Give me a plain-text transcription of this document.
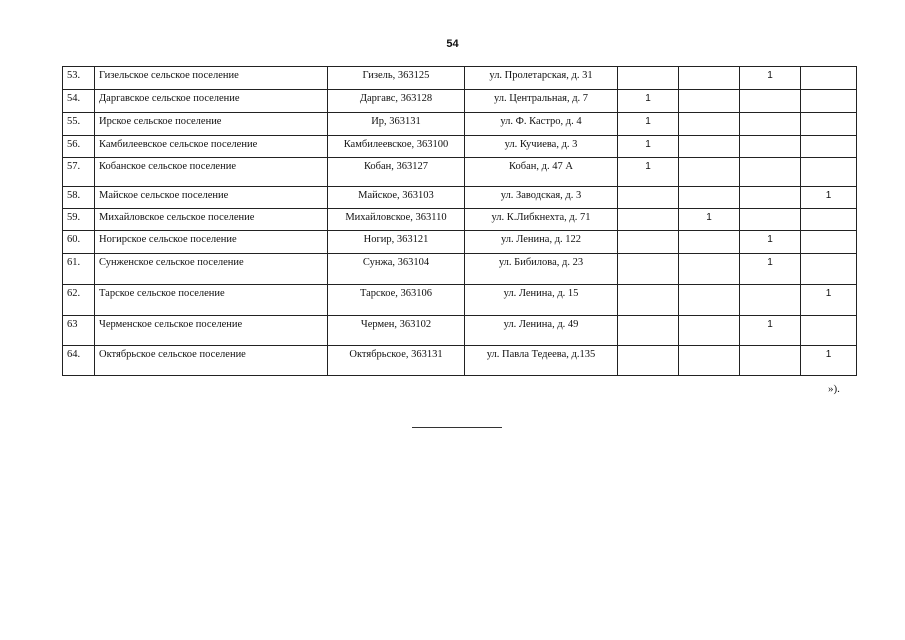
54
53.	Гизельское сельское поселение	Гизель, 363125	ул. Пролетарская, д. 31			1	
54.	Даргавское сельское поселение	Даргавс, 363128	ул. Центральная, д. 7	1			
55.	Ирское сельское поселение	Ир, 363131	ул. Ф. Кастро, д. 4	1			
56.	Камбилеевское сельское поселение	Камбилеевское, 363100	ул. Кучиева, д. 3	1			
57.	Кобанское сельское поселение	Кобан, 363127	Кобан, д. 47 А	1			
58.	Майское сельское поселение	Майское, 363103	ул. Заводская, д. 3				1
59.	Михайловское сельское поселение	Михайловское, 363110	ул. К.Либкнехта, д. 71		1		
60.	Ногирское сельское поселение	Ногир, 363121	ул. Ленина, д. 122			1	
61.	Сунженское сельское поселение	Сунжа, 363104	ул. Бибилова, д. 23			1	
62.	Тарское сельское поселение	Тарское, 363106	ул. Ленина, д. 15				1
63	Черменское сельское поселение	Чермен, 363102	ул. Ленина, д. 49			1	
64.	Октябрьское сельское поселение	Октябрьское, 363131	ул. Павла Тедеева, д.135				1
»).
